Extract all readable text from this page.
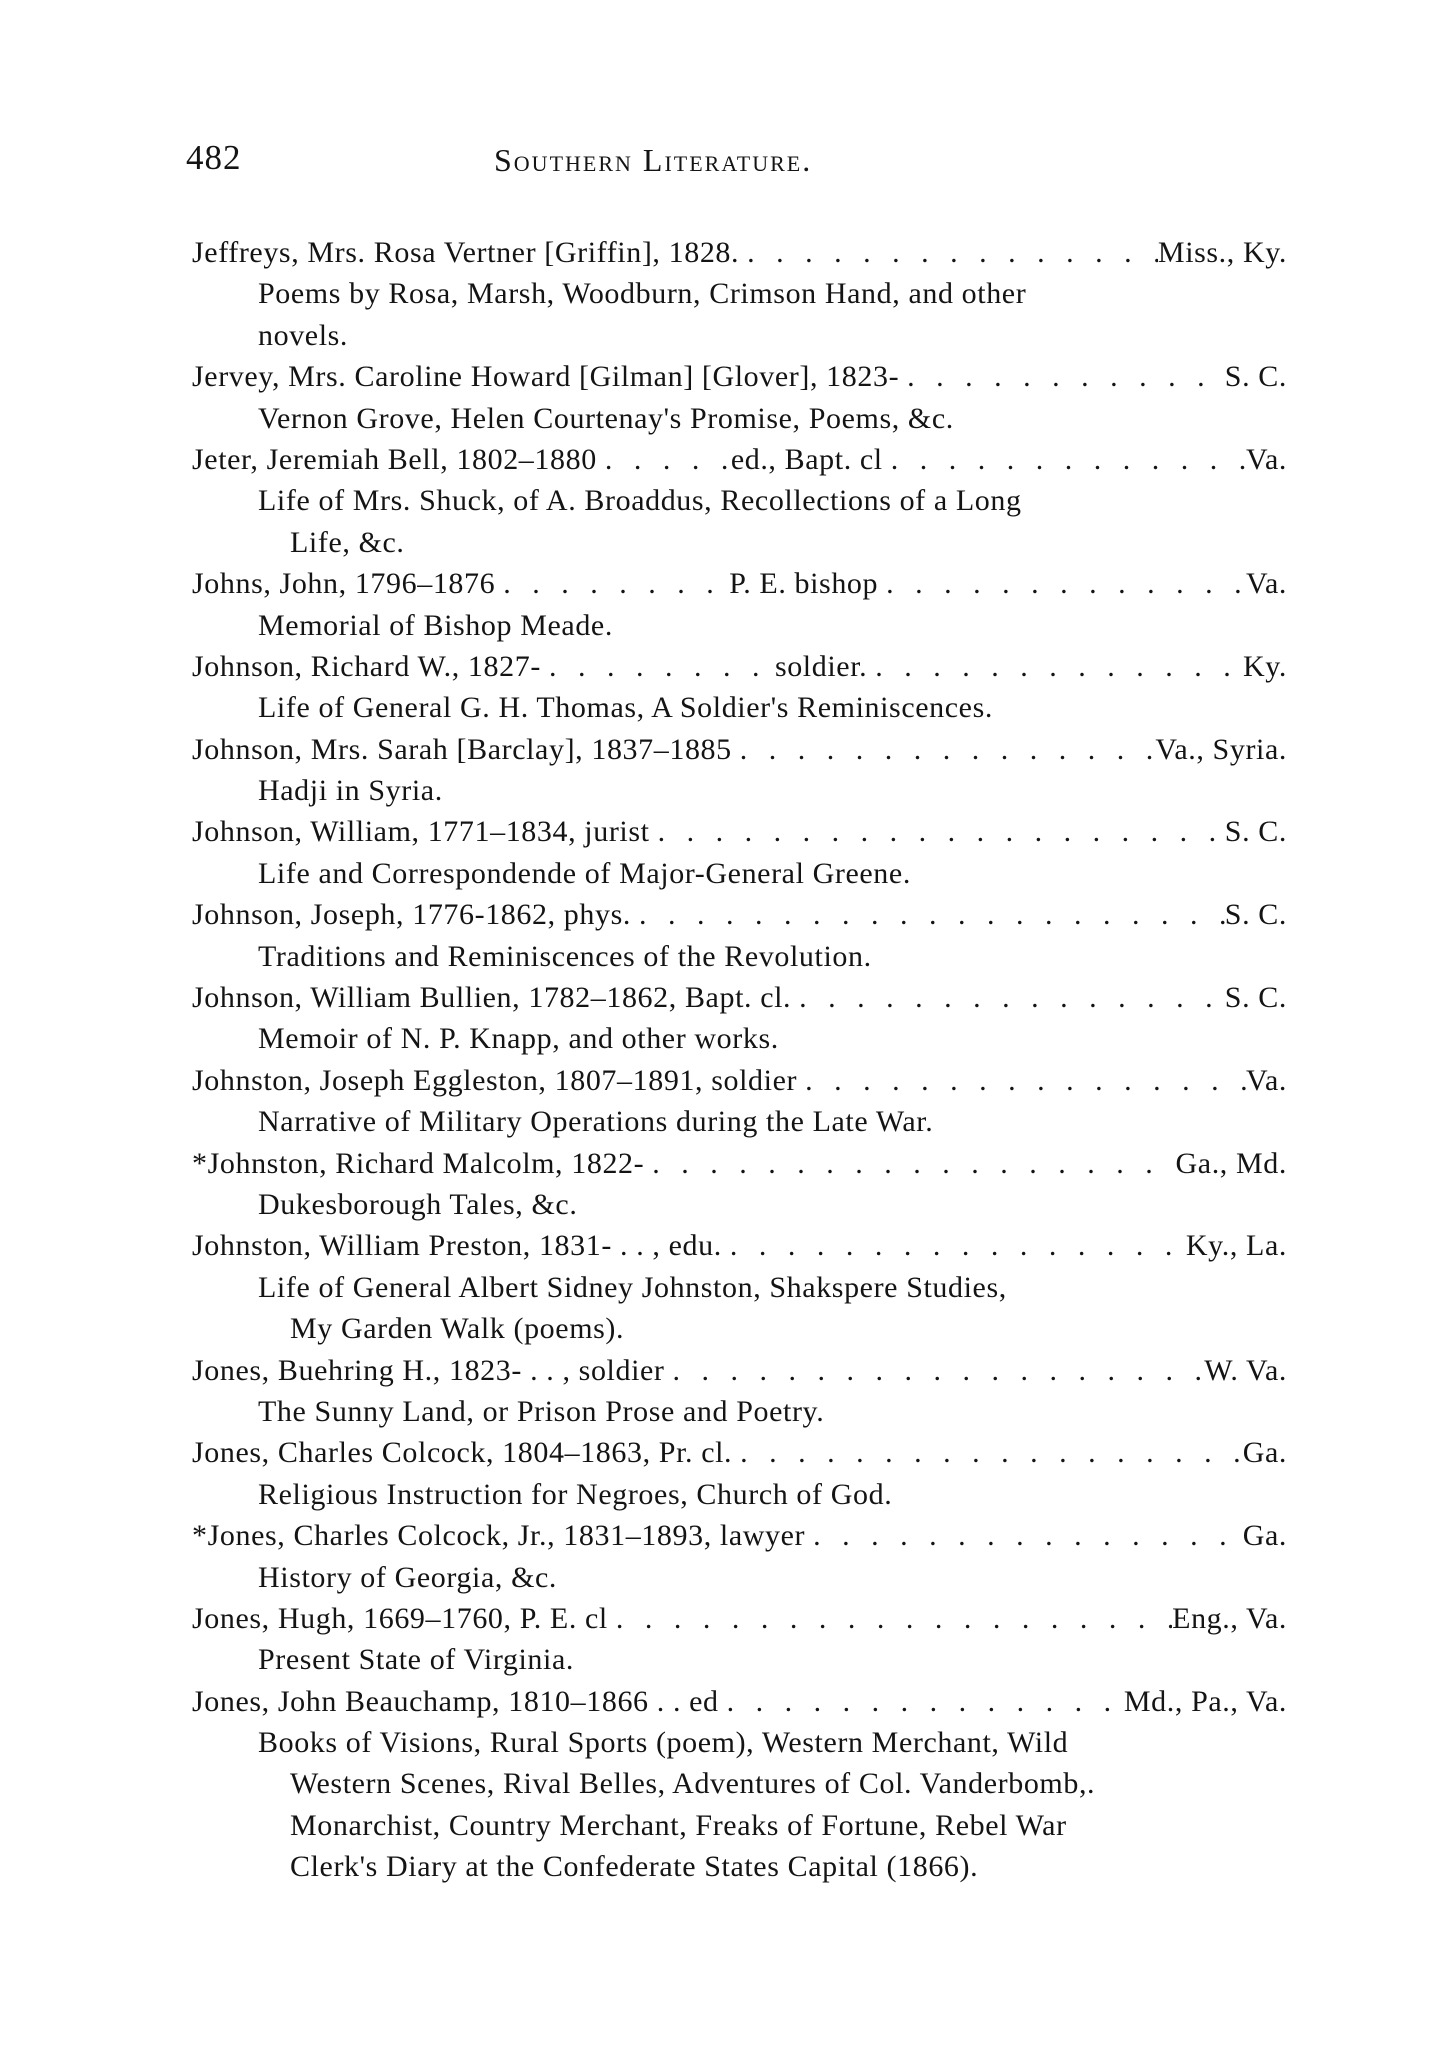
482	Southern Literature.
Jeffreys, Mrs. Rosa Vertner [Griffin], 1828. . . .	Miss., Ky.
Poems by Rosa, Marsh, Woodburn, Crimson Hand, and other
novels.
Jervey, Mrs. Caroline Howard [Gilman] [Glover], 1823- . . .	S. C.
Vernon Grove, Helen Courtenay's Promise, Poems, &c.
Jeter, Jeremiah Bell, 1802–1880 . . .	ed., Bapt. cl . . .	Va.
Life of Mrs. Shuck, of A. Broaddus, Recollections of a Long
Life, &c.
Johns, John, 1796–1876 . . .	P. E. bishop . . .	Va.
Memorial of Bishop Meade.
Johnson, Richard W., 1827- . . .	soldier. . . .	Ky.
Life of General G. H. Thomas, A Soldier's Reminiscences.
Johnson, Mrs. Sarah [Barclay], 1837–1885 . . .	Va., Syria.
Hadji in Syria.
Johnson, William, 1771–1834, jurist . . .	S. C.
Life and Correspondende of Major-General Greene.
Johnson, Joseph, 1776-1862, phys. . . .	S. C.
Traditions and Reminiscences of the Revolution.
Johnson, William Bullien, 1782–1862, Bapt. cl. . . .	S. C.
Memoir of N. P. Knapp, and other works.
Johnston, Joseph Eggleston, 1807–1891, soldier . . .	Va.
Narrative of Military Operations during the Late War.
*Johnston, Richard Malcolm, 1822- . . .	Ga., Md.
Dukesborough Tales, &c.
Johnston, William Preston, 1831- . . , edu. . . .	Ky., La.
Life of General Albert Sidney Johnston, Shakspere Studies,
My Garden Walk (poems).
Jones, Buehring H., 1823- . . , soldier . . .	W. Va.
The Sunny Land, or Prison Prose and Poetry.
Jones, Charles Colcock, 1804–1863, Pr. cl. . . .	Ga.
Religious Instruction for Negroes, Church of God.
*Jones, Charles Colcock, Jr., 1831–1893, lawyer . . .	Ga.
History of Georgia, &c.
Jones, Hugh, 1669–1760, P. E. cl . . .	Eng., Va.
Present State of Virginia.
Jones, John Beauchamp, 1810–1866 . . ed . . .	Md., Pa., Va.
Books of Visions, Rural Sports (poem), Western Merchant, Wild
Western Scenes, Rival Belles, Adventures of Col. Vanderbomb,.
Monarchist, Country Merchant, Freaks of Fortune, Rebel War
Clerk's Diary at the Confederate States Capital (1866).
